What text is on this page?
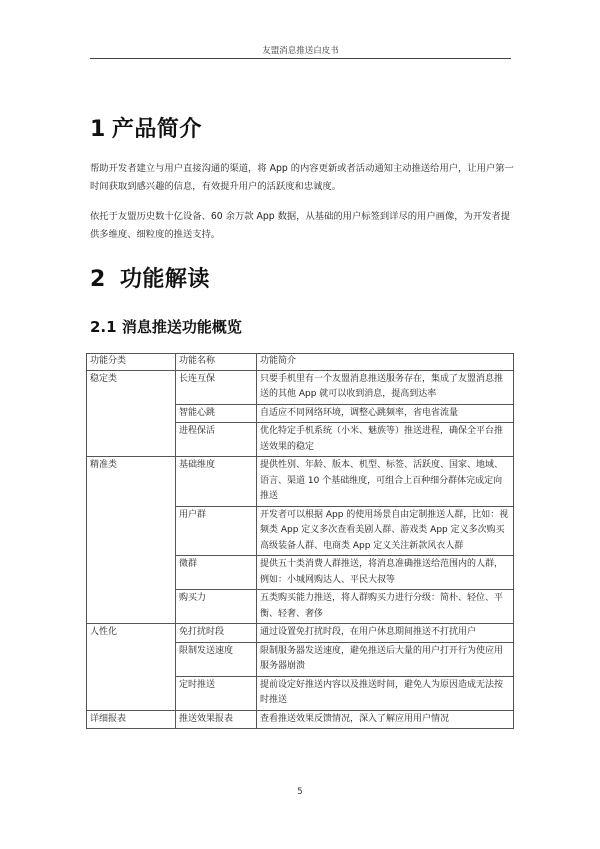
友盟消息推送白皮书
1 产品简介
帮助开发者建立与用户直接沟通的渠道，将 App 的内容更新或者活动通知主动推送给用户，让用户第一时间获取到感兴趣的信息，有效提升用户的活跃度和忠诚度。
依托于友盟历史数十亿设备、60 余万款 App 数据，从基础的用户标签到详尽的用户画像，为开发者提供多维度、细粒度的推送支持。
2 功能解读
2.1 消息推送功能概览
功能分类	功能名称	功能简介
稳定类	长连互保	只要手机里有一个友盟消息推送服务存在，集成了友盟消息推送的其他 App 就可以收到消息，提高到达率
	智能心跳	自适应不同网络环境，调整心跳频率，省电省流量
	进程保活	优化特定手机系统（小米、魅族等）推送进程，确保全平台推送效果的稳定
精准类	基础维度	提供性别、年龄、版本、机型、标签、活跃度、国家、地域、语言、渠道 10 个基础维度，可组合上百种细分群体完成定向推送
	用户群	开发者可以根据 App 的使用场景自由定制推送人群，比如：视频类 App 定义多次查看美剧人群、游戏类 App 定义多次购买高级装备人群、电商类 App 定义关注新款风衣人群
	微群	提供五十类消费人群推送，将消息准确推送给范围内的人群，例如：小城网购达人、平民大叔等
	购买力	五类购买能力推送，将人群购买力进行分级：简朴、轻位、平衡、轻奢、奢侈
人性化	免打扰时段	通过设置免打扰时段，在用户休息期间推送不打扰用户
	限制发送速度	限制服务器发送速度，避免推送后大量的用户打开行为使应用服务器崩溃
	定时推送	提前设定好推送内容以及推送时间，避免人为原因造成无法按时推送
详细报表	推送效果报表	查看推送效果反馈情况，深入了解应用用户情况
5
